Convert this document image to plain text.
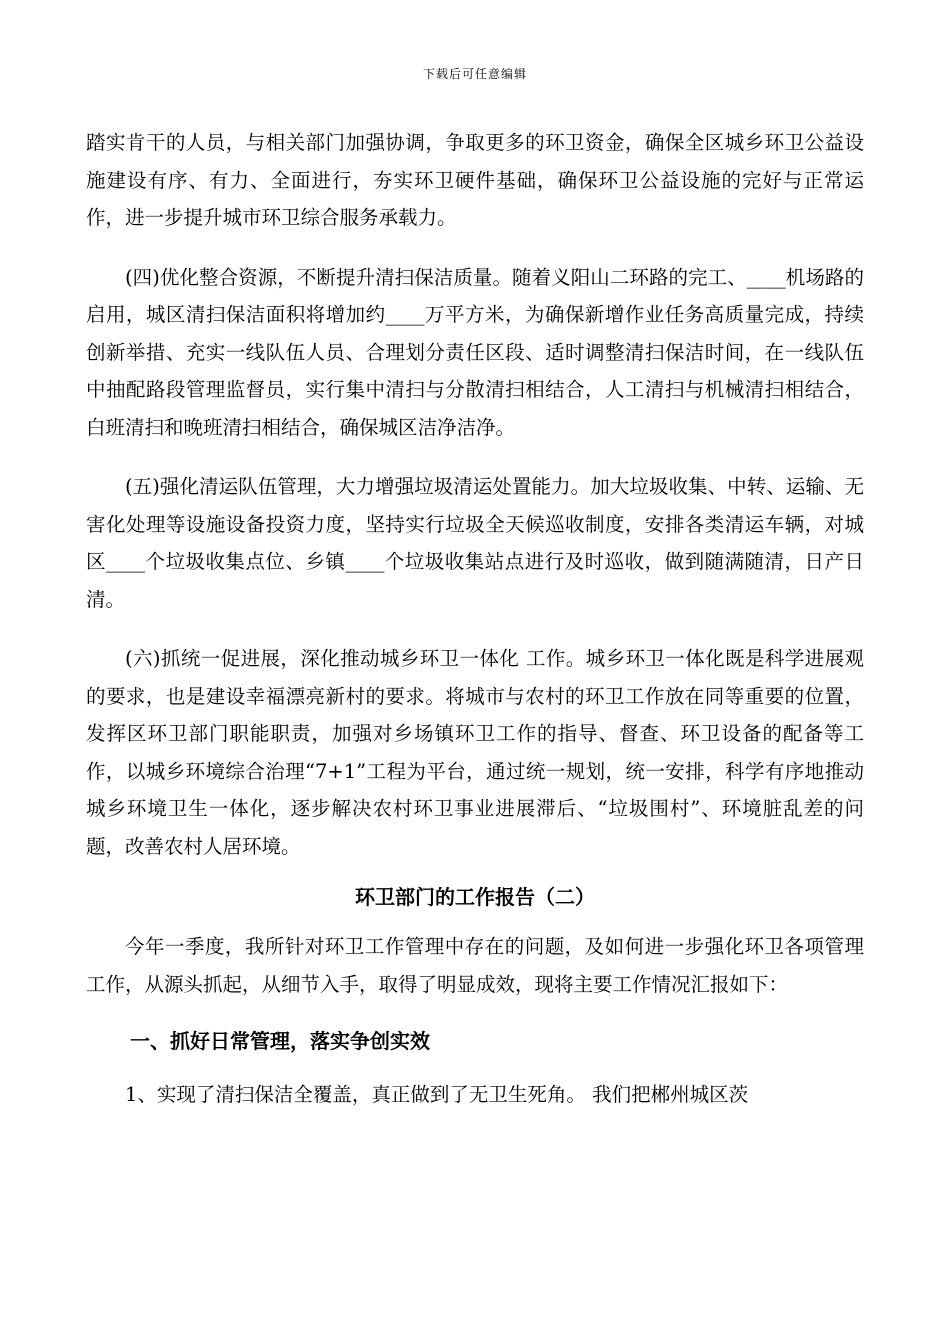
下载后可任意编辑

踏实肯干的人员，与相关部门加强协调，争取更多的环卫资金，确保全区城乡环卫公益设施建设有序、有力、全面进行，夯实环卫硬件基础，确保环卫公益设施的完好与正常运作，进一步提升城市环卫综合服务承载力。

(四)优化整合资源，不断提升清扫保洁质量。随着义阳山二环路的完工、____机场路的启用，城区清扫保洁面积将增加约____万平方米，为确保新增作业任务高质量完成，持续创新举措、充实一线队伍人员、合理划分责任区段、适时调整清扫保洁时间，在一线队伍中抽配路段管理监督员，实行集中清扫与分散清扫相结合，人工清扫与机械清扫相结合，白班清扫和晚班清扫相结合，确保城区洁净洁净。

(五)强化清运队伍管理，大力增强垃圾清运处置能力。加大垃圾收集、中转、运输、无害化处理等设施设备投资力度，坚持实行垃圾全天候巡收制度，安排各类清运车辆，对城区____个垃圾收集点位、乡镇____个垃圾收集站点进行及时巡收，做到随满随清，日产日清。

(六)抓统一促进展，深化推动城乡环卫一体化 工作。城乡环卫一体化既是科学进展观的要求，也是建设幸福漂亮新村的要求。将城市与农村的环卫工作放在同等重要的位置，发挥区环卫部门职能职责，加强对乡场镇环卫工作的指导、督查、环卫设备的配备等工作，以城乡环境综合治理“7+1”工程为平台，通过统一规划，统一安排，科学有序地推动城乡环境卫生一体化，逐步解决农村环卫事业进展滞后、“垃圾围村”、环境脏乱差的问题，改善农村人居环境。

环卫部门的工作报告（二）

今年一季度，我所针对环卫工作管理中存在的问题，及如何进一步强化环卫各项管理工作，从源头抓起，从细节入手，取得了明显成效，现将主要工作情况汇报如下：

一、抓好日常管理，落实争创实效

1、实现了清扫保洁全覆盖，真正做到了无卫生死角。 我们把郴州城区茨
